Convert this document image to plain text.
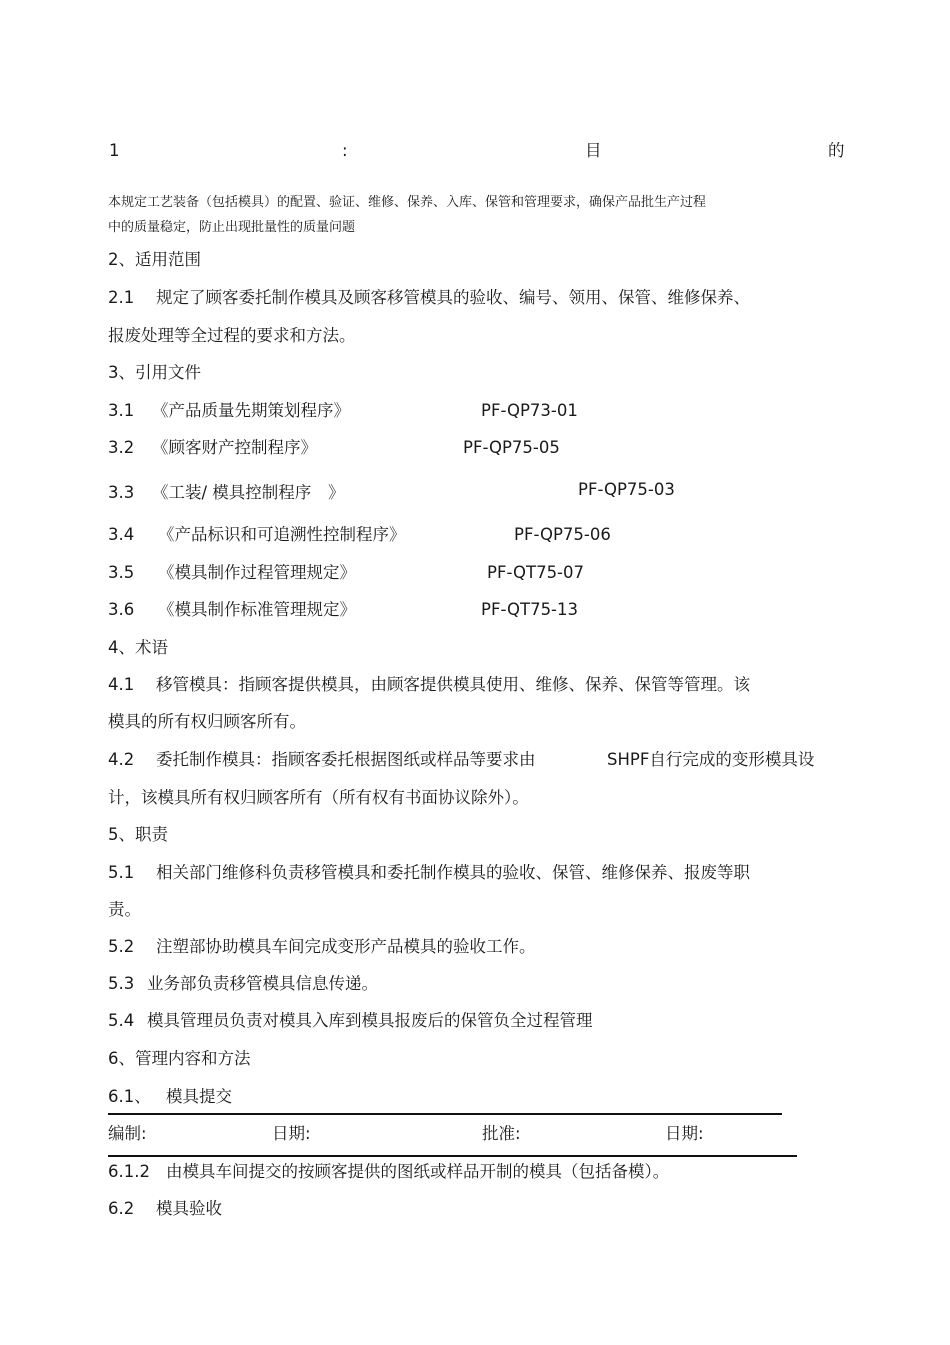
1	:	目	的
本规定工艺装备（包括模具）的配置、验证、维修、保养、入库、保管和管理要求，确保产品批生产过程
中的质量稳定，防止出现批量性的质量问题
2、适用范围
2.1 规定了顾客委托制作模具及顾客移管模具的验收、编号、领用、保管、维修保养、
报废处理等全过程的要求和方法。
3、引用文件
3.1 《产品质量先期策划程序》	PF-QP73-01
3.2 《顾客财产控制程序》	PF-QP75-05
3.3 《工装/ 模具控制程序 》	PF-QP75-03
3.4 《产品标识和可追溯性控制程序》	PF-QP75-06
3.5 《模具制作过程管理规定》	PF-QT75-07
3.6 《模具制作标准管理规定》	PF-QT75-13
4、术语
4.1 移管模具：指顾客提供模具，由顾客提供模具使用、维修、保养、保管等管理。该
模具的所有权归顾客所有。
4.2 委托制作模具：指顾客委托根据图纸或样品等要求由	SHPF自行完成的变形模具设
计，该模具所有权归顾客所有（所有权有书面协议除外）。
5、职责
5.1 相关部门维修科负责移管模具和委托制作模具的验收、保管、维修保养、报废等职
责。
5.2 注塑部协助模具车间完成变形产品模具的验收工作。
5.3 业务部负责移管模具信息传递。
5.4 模具管理员负责对模具入库到模具报废后的保管负全过程管理
6、管理内容和方法
6.1、 模具提交
编制:	日期:	批准:	日期:
6.1.2 由模具车间提交的按顾客提供的图纸或样品开制的模具（包括备模）。
6.2 模具验收
